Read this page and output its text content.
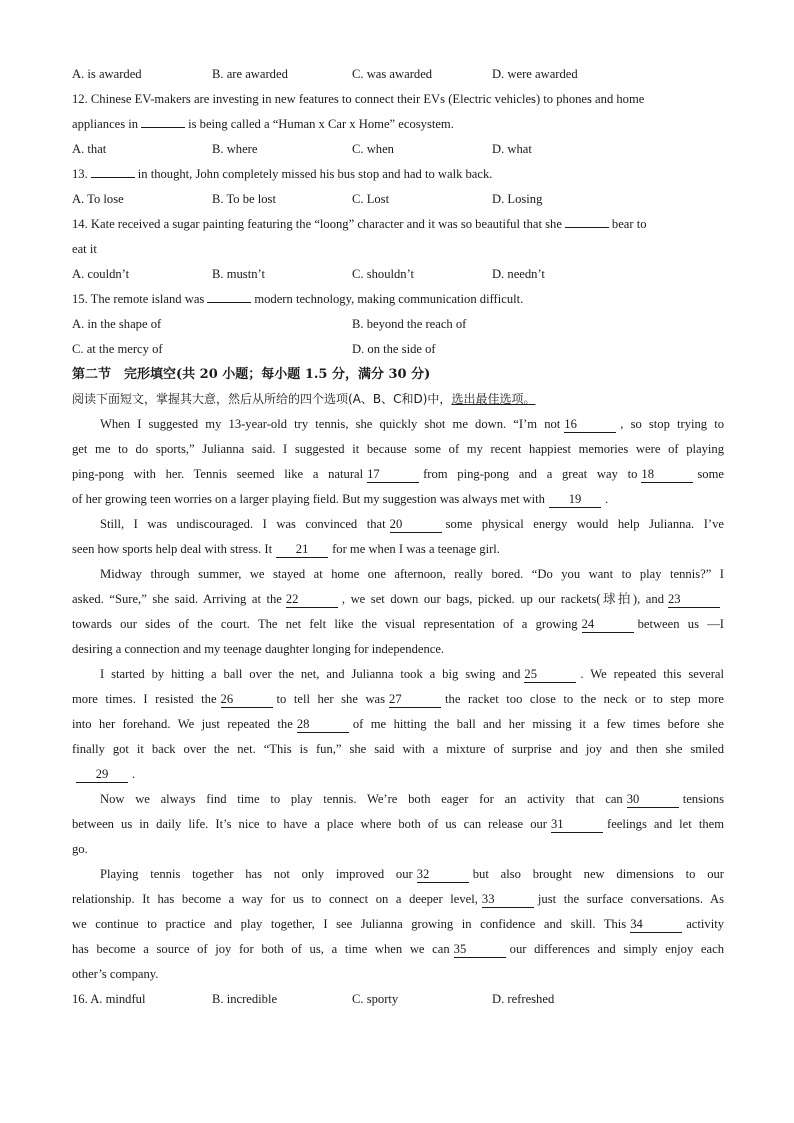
A. is awarded	B. are awarded	C. was awarded	D. were awarded
12. Chinese EV-makers are investing in new features to connect their EVs (Electric vehicles) to phones and home
appliances in	is being called a “Human x Car x Home” ecosystem.
A. that	B. where	C. when	D. what
13.	in thought, John completely missed his bus stop and had to walk back.
A. To lose	B. To be lost	C. Lost	D. Losing
14. Kate received a sugar painting featuring the “loong” character and it was so beautiful that she	bear to
eat it
A. couldn’t	B. mustn’t	C. shouldn’t	D. needn’t
15. The remote island was	modern technology, making communication difficult.
A. in the shape of	B. beyond the reach of
C. at the mercy of	D. on the side of
第二节　完形填空(共 20 小题；每小题 1.5 分，满分 30 分)
阅读下面短文，掌握其大意，然后从所给的四个选项(A、B、C和D)中，选出最佳选项。
When I suggested my 13-year-old try tennis, she quickly shot me down. “I’m not 16	, so stop trying to
get me to do sports,” Julianna said. I suggested it because some of my recent happiest memories were of playing
ping-pong with her. Tennis seemed like a natural 17	from ping-pong and a great way to 18	some
of her growing teen worries on a larger playing field. But my suggestion was always met with 19 .
Still, I was undiscouraged. I was convinced that 20	some physical energy would help Julianna. I’ve
seen how sports help deal with stress. It 21 for me when I was a teenage girl.
Midway through summer, we stayed at home one afternoon, really bored. “Do you want to play tennis?” I
asked. “Sure,” she said. Arriving at the 22	, we set down our bags, picked. up our rackets(球拍), and 23
towards our sides of the court. The net felt like the visual representation of a growing 24	between us —I
desiring a connection and my teenage daughter longing for independence.
I started by hitting a ball over the net, and Julianna took a big swing and 25	. We repeated this several
more times. I resisted the 26	to tell her she was 27	the racket too close to the neck or to step more
into her forehand. We just repeated the 28	of me hitting the ball and her missing it a few times before she
finally got it back over the net. “This is fun,” she said with a mixture of surprise and joy and then she smiled
29 .
Now we always find time to play tennis. We’re both eager for an activity that can 30	tensions
between us in daily life. It’s nice to have a place where both of us can release our 31	feelings and let them
go.
Playing tennis together has not only improved our 32	but also brought new dimensions to our
relationship. It has become a way for us to connect on a deeper level, 33	just the surface conversations. As
we continue to practice and play together, I see Julianna growing in confidence and skill. This 34	activity
has become a source of joy for both of us, a time when we can 35	our differences and simply enjoy each
other’s company.
16. A. mindful	B. incredible	C. sporty	D. refreshed
